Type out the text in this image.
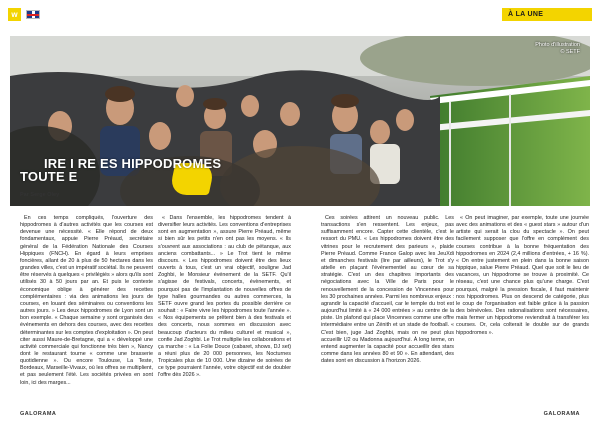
w	À LA UNE
Photo d'illustration
© SETF
IRE I RE ES HIPPODROMES
TOUTE E
Par Serge Oley

En ces temps compliqués, l'ouverture des hippodromes à d'autres activités que les courses est devenue une nécessité. « Elle répond de deux fondamentaux, appuie Pierre Préaud, secrétaire général de la Fédération Nationale des Courses Hippiques (FNCH). En égard à leurs emprises foncières, allant de 20 à plus de 50 hectares dans les grandes villes, c'est un impératif sociétal. Ils ne peuvent être réservés à quelques « privilégiés » alors qu'ils sont utilisés 30 à 50 jours par an. Et puis le contexte économique oblige à générer des recettes complémentaires : via des animations les jours de courses, en louant des séminaires ou conventions les autres jours. » Les deux hippodromes de Lyon sont un bon exemple. « Chaque semaine y sont organisés des événements en dehors des courses, avec des recettes déterminantes sur les comptes d'exploitation ». On peut citer aussi Maure-de-Bretagne, qui a « développé une activité commerciale qui fonctionne très bien », Nancy dont le restaurant tourne « comme une brasserie quotidienne ». Ou encore Toulouse, La Teste, Bordeaux, Marseille-Vivaux, où les offres se multiplient, et pas seulement l'été. Les sociétés privées en sont loin, ici des marges...

« Dans l'ensemble, les hippodromes tendent à diversifier leurs activités. Les conventions d'entreprises sont en augmentation », assure Pierre Préaud, même si bien sûr les petits n'en ont pas les moyens. « Ils s'ouvrent aux associations : au club de pétanque, aux anciens combattants... » Le Trot tient le même discours. « Les hippodromes doivent être des lieux ouverts à tous, c'est un vrai objectif, souligne Jad Zoghbi, le Monsieur événement de la SETF. Qu'il s'agisse de festivals, concerts, évènements, et pourquoi pas de l'implantation de nouvelles offres de type halles gourmandes ou autres commerces, la SETF ouvre grand les portes du possible derrière ce souhait : « Faire vivre les hippodromes toute l'année ». « Nos équipements se prêtent bien à des festivals et des concerts, nous sommes en discussion avec beaucoup d'acteurs du milieu culturel et musical », confie Jad Zoghbi. Le Trot multiplie les collaborations et ça marche : « La Folie Douce (cabaret, shows, DJ set) a réuni plus de 20 000 personnes, les Nocturnes Tropicales plus de 10 000. Une dizaine de soirées de ce type pourraient l'année, votre objectif est de doubler l'offre dès 2026 ».

Ces soirées attirent un nouveau public. Les transactions s'en ressentent. Les enjeux, pas suffisamment encore. Capter cette clientèle, c'est le ressort du PMU. « Les hippodromes doivent être des vitrines pour le recrutement des parieurs », plaide Pierre Préaud. Comme France Galop avec les JeuXdi et dimanches festivals (lire par ailleurs), le Trot s'y attelle en plaçant l'événementiel au cœur de sa stratégie. C'est un des chapitres importants des négociations avec la Ville de Paris pour le renouvellement de la concession de Vincennes pour les 30 prochaines années. Parmi les nombreux enjeux : agrandir la capacité d'accueil, car le temple du trot est aujourd'hui limité à « 24 000 entrées » au centre de la piste. Un plafond qui place Vincennes comme une offre intermédiaire entre un Zénith et un stade de football. « C'est bien, juge Jad Zoghbi, mais on ne peut plus accueillir U2 ou Madonna aujourd'hui. À long terme, on entend augmenter la capacité pour accueillir des stars comme dans les années 80 et 90 ». En attendant, des dates sont en discussion à l'horizon 2026.

« On peut imaginer, par exemple, toute une journée avec des animations et des « guest stars » autour d'un artiste qui serait la clou du spectacle ». On peut facilement supposer que l'offre en complément des courses contribue à la bonne fréquentation des hippodromes en 2024 (2,4 millions d'entrées, + 16 %). « On entre justement en plein dans la bonne saison hippique, salue Pierre Préaud. Quel que soit le lieu de vacances, un hippodrome se trouve à proximité. Ce réseau, c'est une chance plus qu'une charge. C'est pourquoi, malgré la pression fiscale, il faut maintenir nos hippodromes. Plus on descend de catégorie, plus le coup de l'organisation est faible grâce à la passion des bénévoles. Des rationalisations sont nécessaires, mais fermer un hippodrome reviendrait à transférer les courses. Or, cela colterait le double sur de grands hippodromes ».

GALORAMA	GALORAMA
